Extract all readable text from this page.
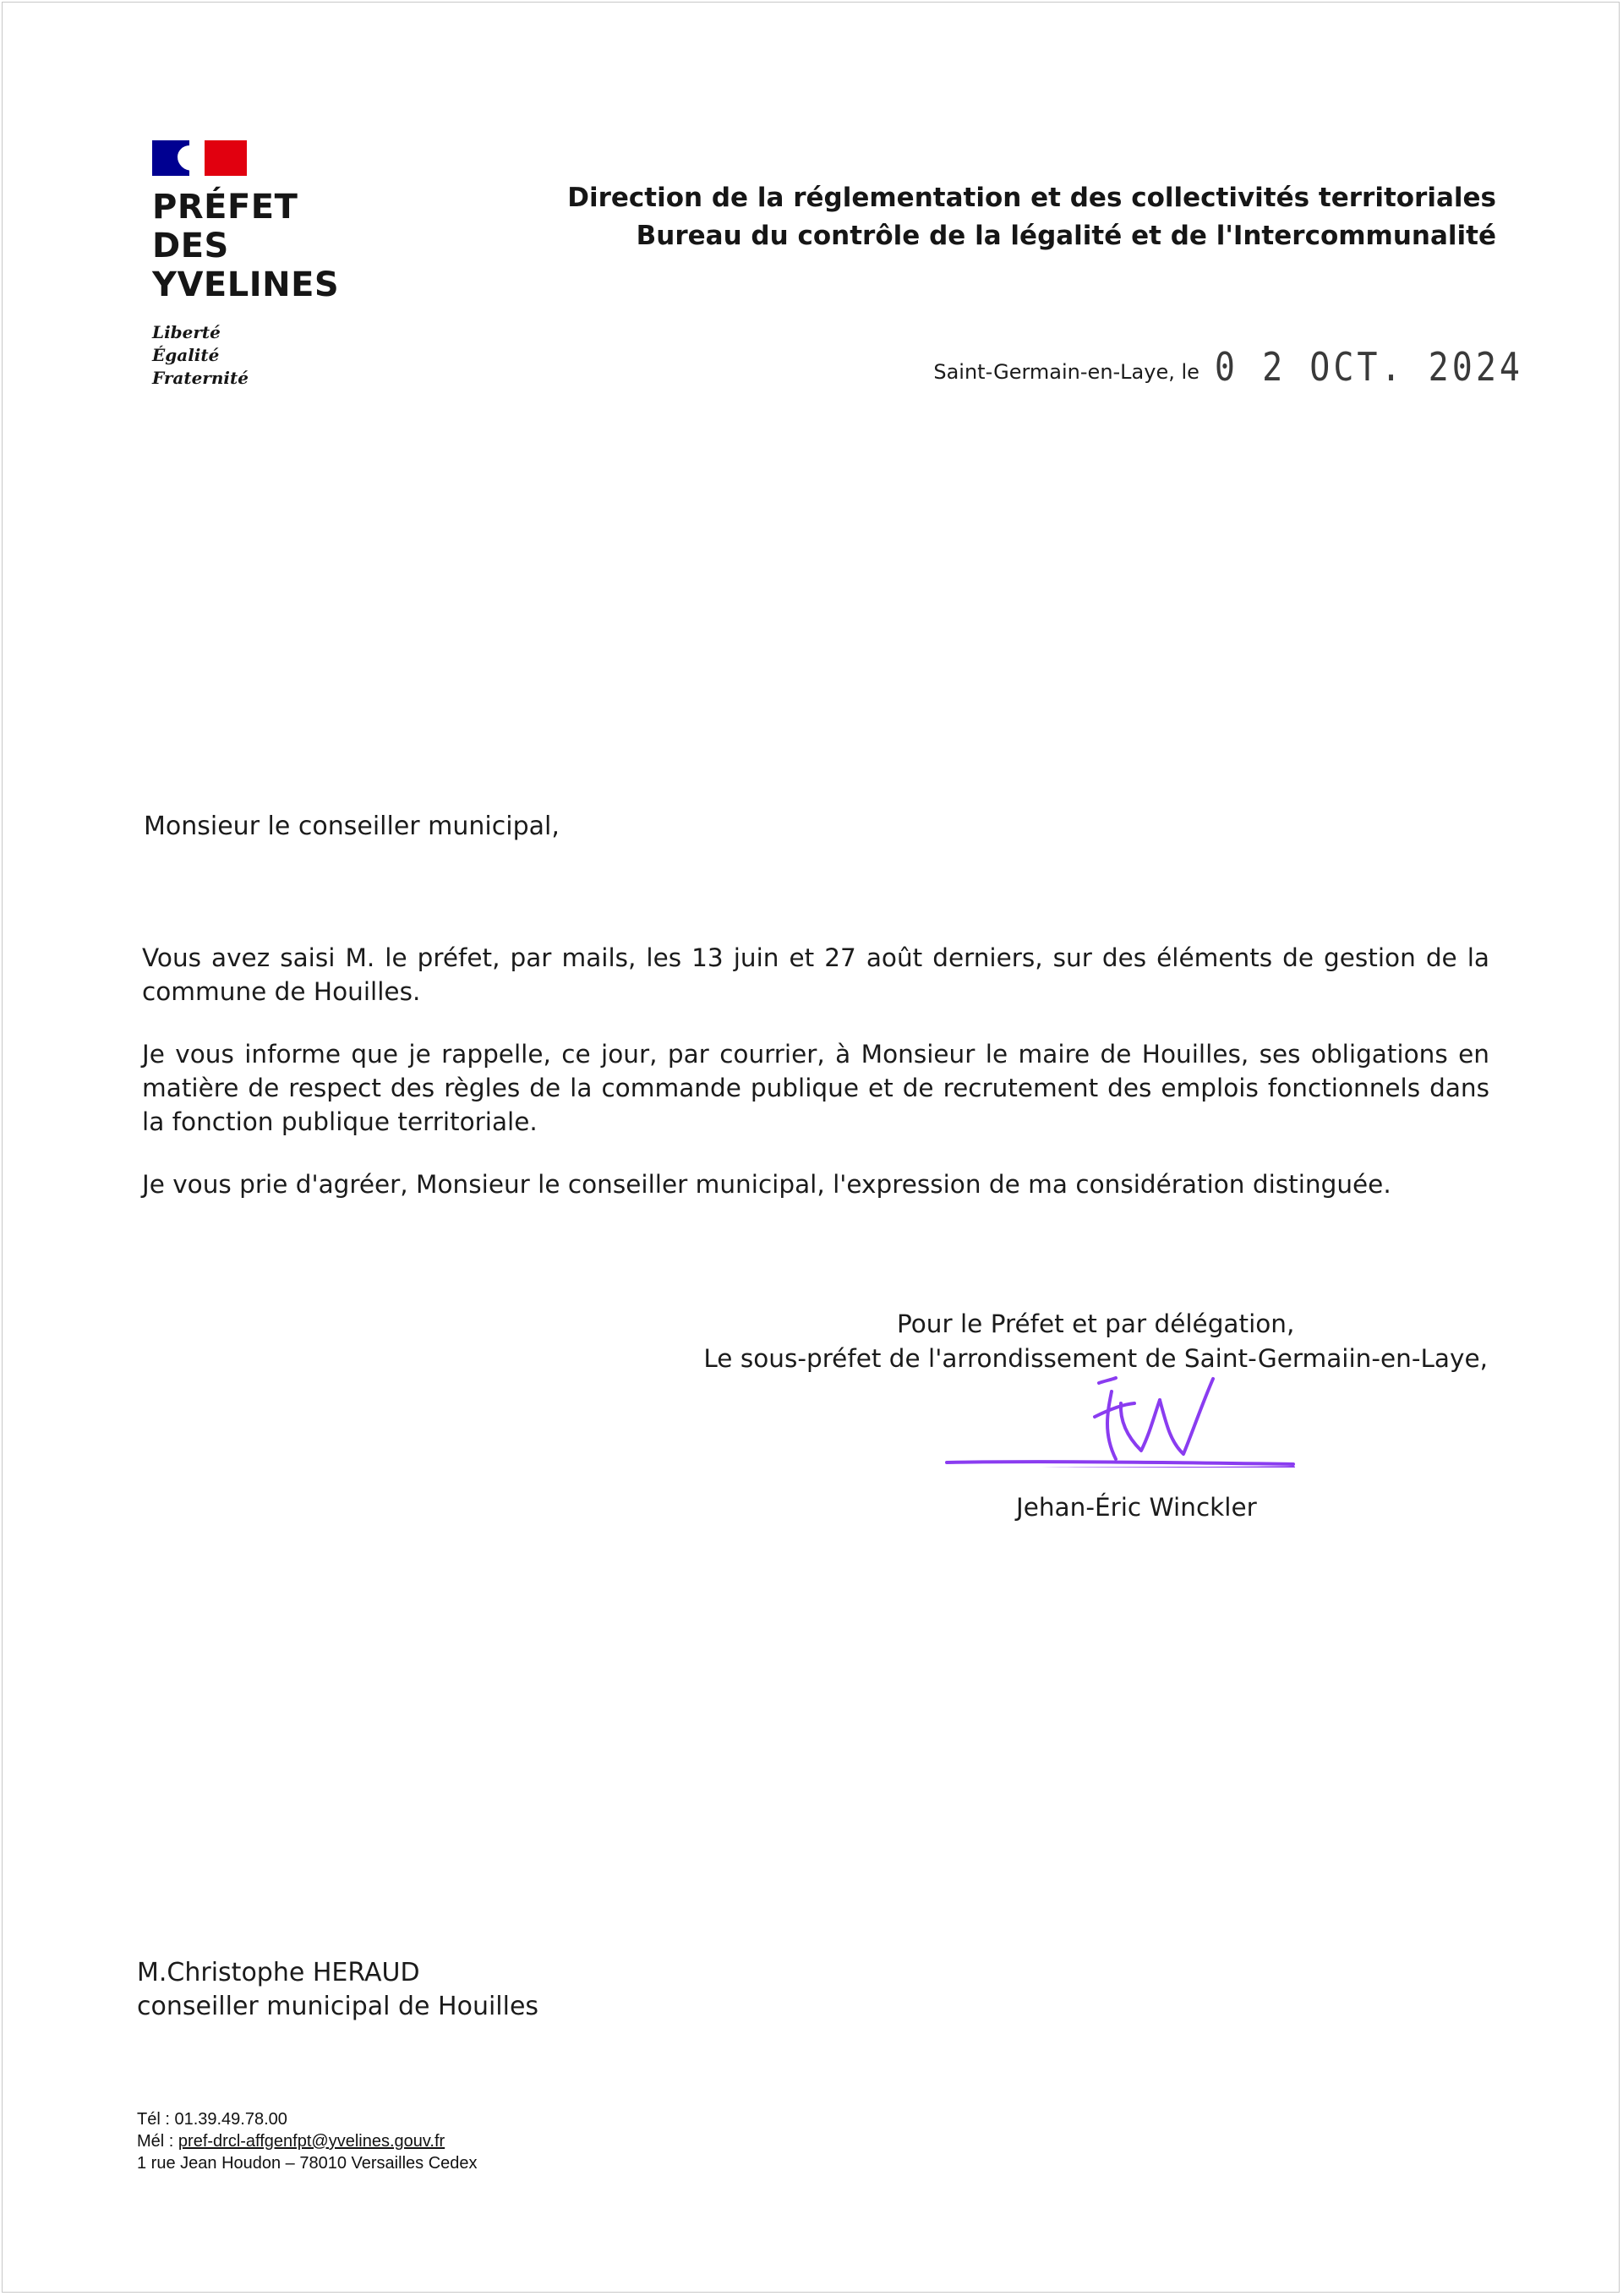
PRÉFET
DES YVELINES
Liberté
Égalité
Fraternité
Direction de la réglementation et des collectivités territoriales
Bureau du contrôle de la légalité et de l'Intercommunalité
Saint-Germain-en-Laye, le 0 2 OCT. 2024
Monsieur le conseiller municipal,

Vous avez saisi M. le préfet, par mails, les 13 juin et 27 août derniers, sur des éléments de gestion de la commune de Houilles.

Je vous informe que je rappelle, ce jour, par courrier, à Monsieur le maire de Houilles, ses obligations en matière de respect des règles de la commande publique et de recrutement des emplois fonctionnels dans la fonction publique territoriale.

Je vous prie d'agréer, Monsieur le conseiller municipal, l'expression de ma considération distinguée.

Pour le Préfet et par délégation,
Le sous-préfet de l'arrondissement de Saint-Germaiin-en-Laye,
Jehan-Éric Winckler
M.Christophe HERAUD
conseiller municipal de Houilles
Tél : 01.39.49.78.00
Mél : pref-drcl-affgenfpt@yvelines.gouv.fr
1 rue Jean Houdon – 78010 Versailles Cedex
